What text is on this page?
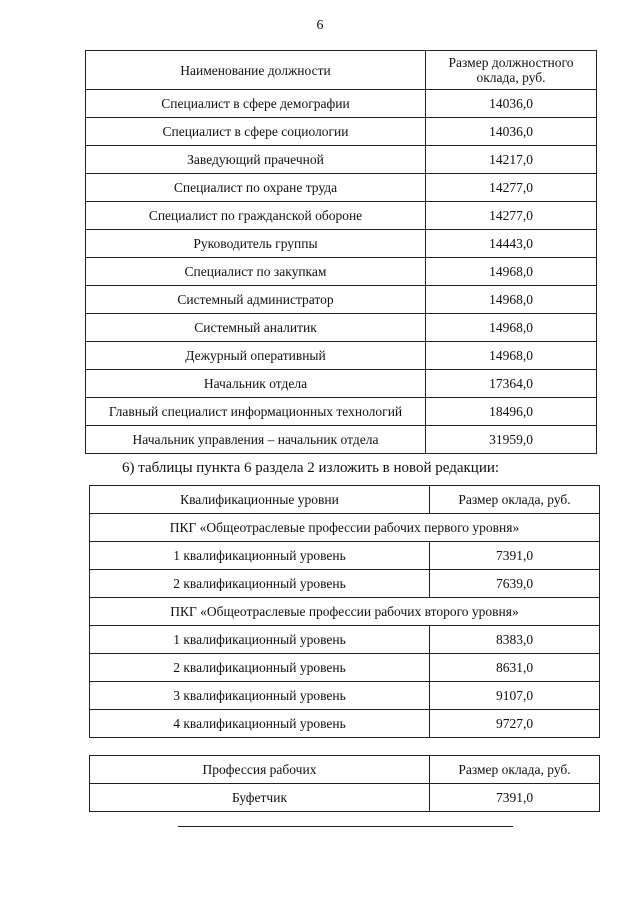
6
Наименование должности	Размер должностного оклада, руб.
Специалист в сфере демографии	14036,0
Специалист в сфере социологии	14036,0
Заведующий прачечной	14217,0
Специалист по охране труда	14277,0
Специалист по гражданской обороне	14277,0
Руководитель группы	14443,0
Специалист по закупкам	14968,0
Системный администратор	14968,0
Системный аналитик	14968,0
Дежурный оперативный	14968,0
Начальник отдела	17364,0
Главный специалист информационных технологий	18496,0
Начальник управления – начальник отдела	31959,0
6) таблицы пункта 6 раздела 2 изложить в новой редакции:
Квалификационные уровни	Размер оклада, руб.
ПКГ «Общеотраслевые профессии рабочих первого уровня»	
1 квалификационный уровень	7391,0
2 квалификационный уровень	7639,0
ПКГ «Общеотраслевые профессии рабочих второго уровня»	
1 квалификационный уровень	8383,0
2 квалификационный уровень	8631,0
3 квалификационный уровень	9107,0
4 квалификационный уровень	9727,0
Профессия рабочих	Размер оклада, руб.
Буфетчик	7391,0
